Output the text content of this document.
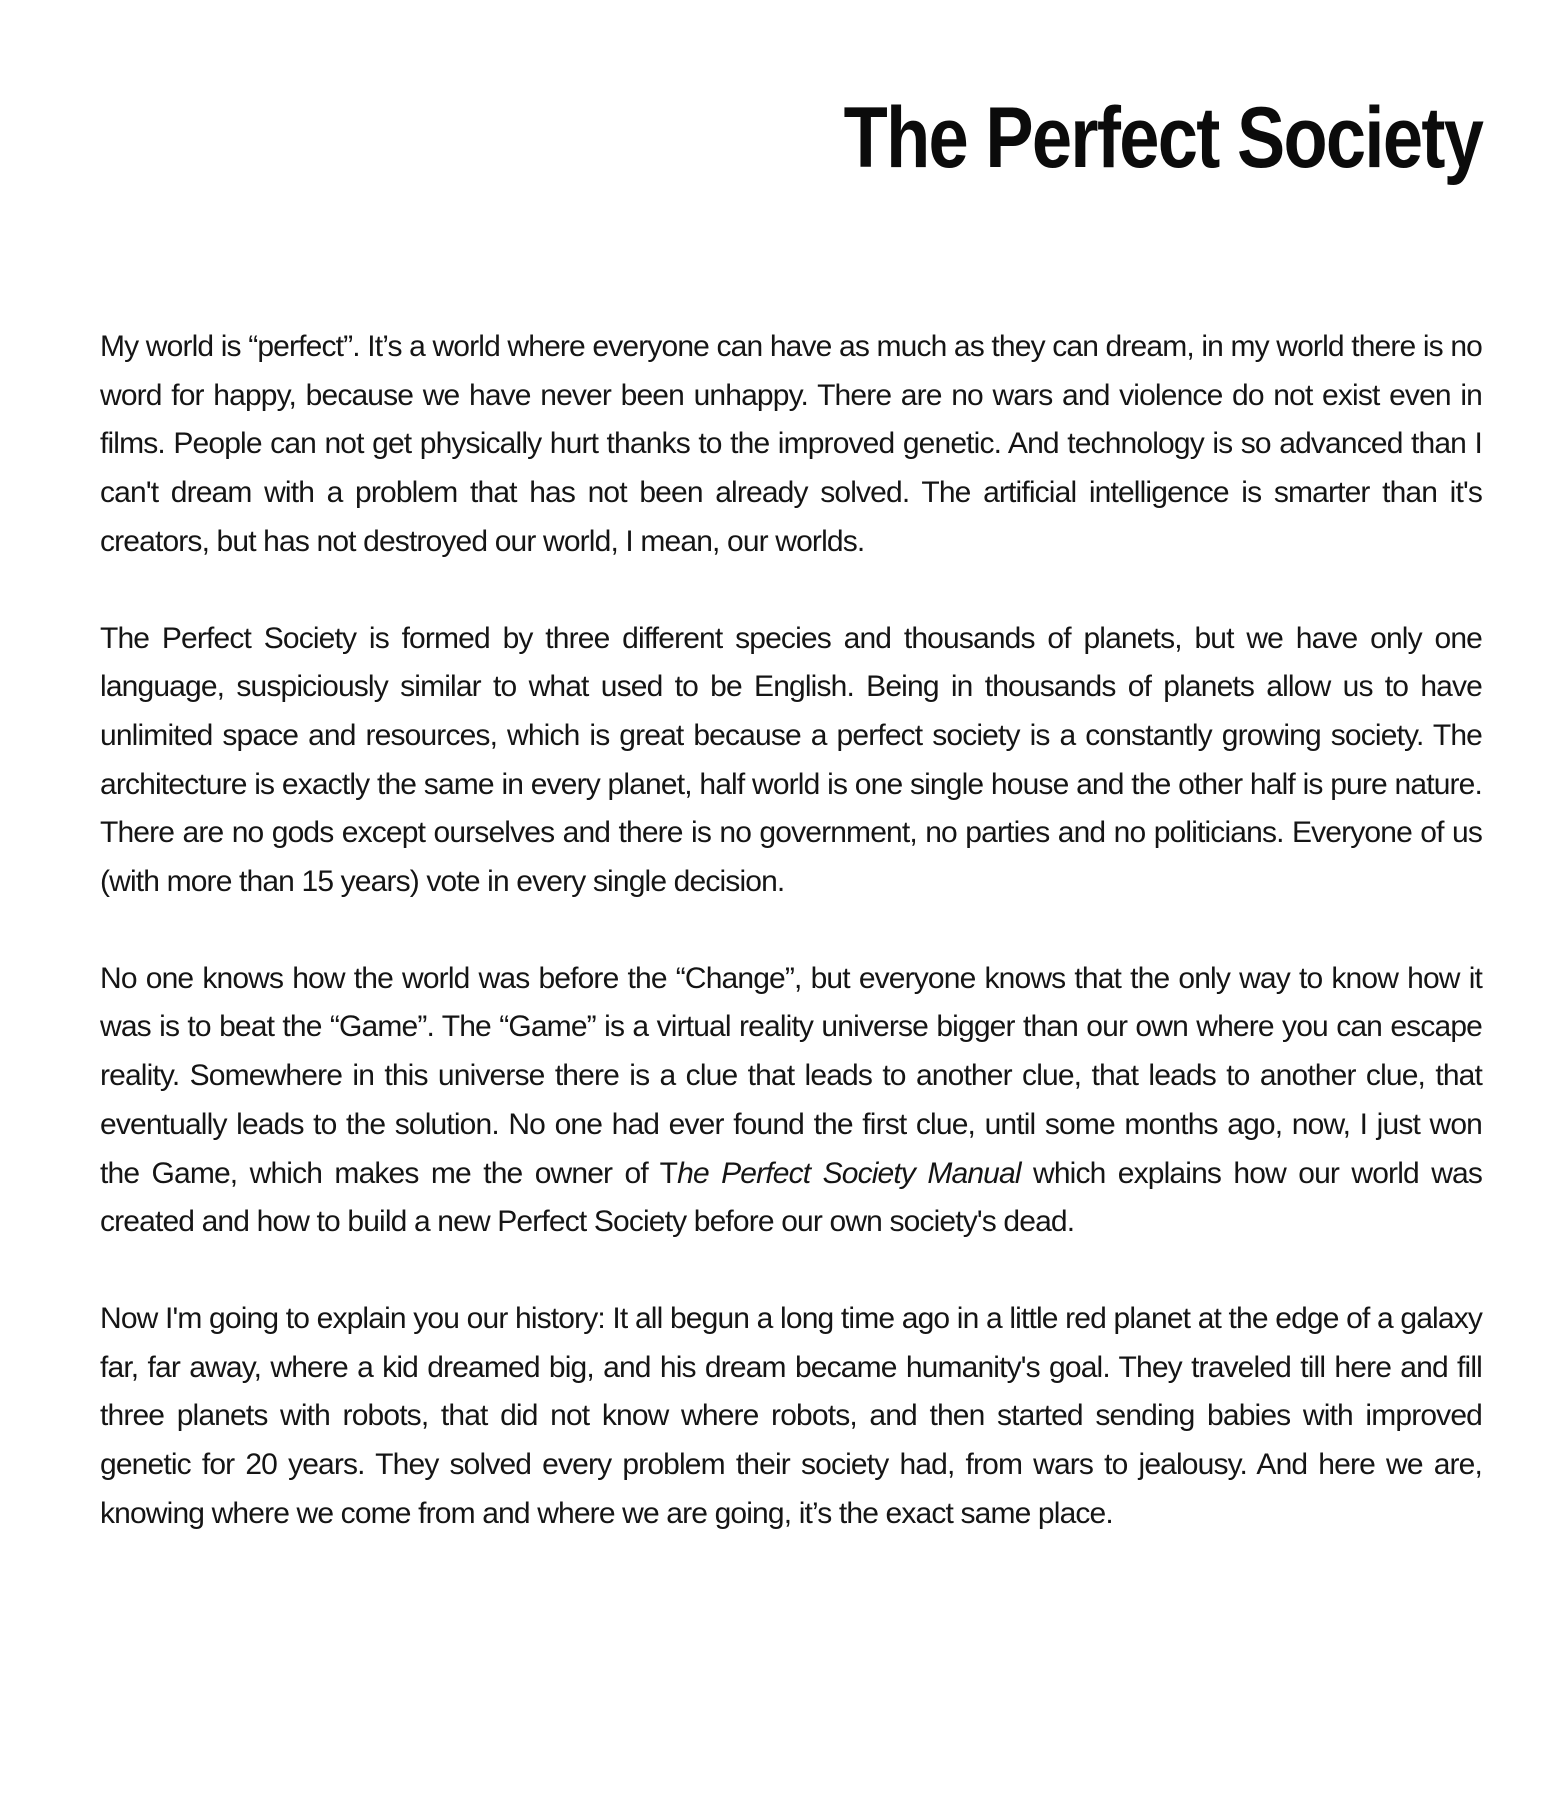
The Perfect Society

My world is “perfect”. It’s a world where everyone can have as much as they can dream, in my world there is no word for happy, because we have never been unhappy. There are no wars and violence do not exist even in films. People can not get physically hurt thanks to the improved genetic. And technology is so advanced than I can't dream with a problem that has not been already solved. The artificial intelligence is smarter than it's creators, but has not destroyed our world, I mean, our worlds.

The Perfect Society is formed by three different species and thousands of planets, but we have only one language, suspiciously similar to what used to be English. Being in thousands of planets allow us to have unlimited space and resources, which is great because a perfect society is a constantly growing society. The architecture is exactly the same in every planet, half world is one single house and the other half is pure nature. There are no gods except ourselves and there is no government, no parties and no politicians. Everyone of us (with more than 15 years) vote in every single decision.

No one knows how the world was before the “Change”, but everyone knows that the only way to know how it was is to beat the “Game”. The “Game” is a virtual reality universe bigger than our own where you can escape reality. Somewhere in this universe there is a clue that leads to another clue, that leads to another clue, that eventually leads to the solution. No one had ever found the first clue, until some months ago, now, I just won the Game, which makes me the owner of The Perfect Society Manual which explains how our world was created and how to build a new Perfect Society before our own society's dead.

Now I'm going to explain you our history: It all begun a long time ago in a little red planet at the edge of a galaxy far, far away, where a kid dreamed big, and his dream became humanity's goal. They traveled till here and fill three planets with robots, that did not know where robots, and then started sending babies with improved genetic for 20 years. They solved every problem their society had, from wars to jealousy. And here we are, knowing where we come from and where we are going, it’s the exact same place.
